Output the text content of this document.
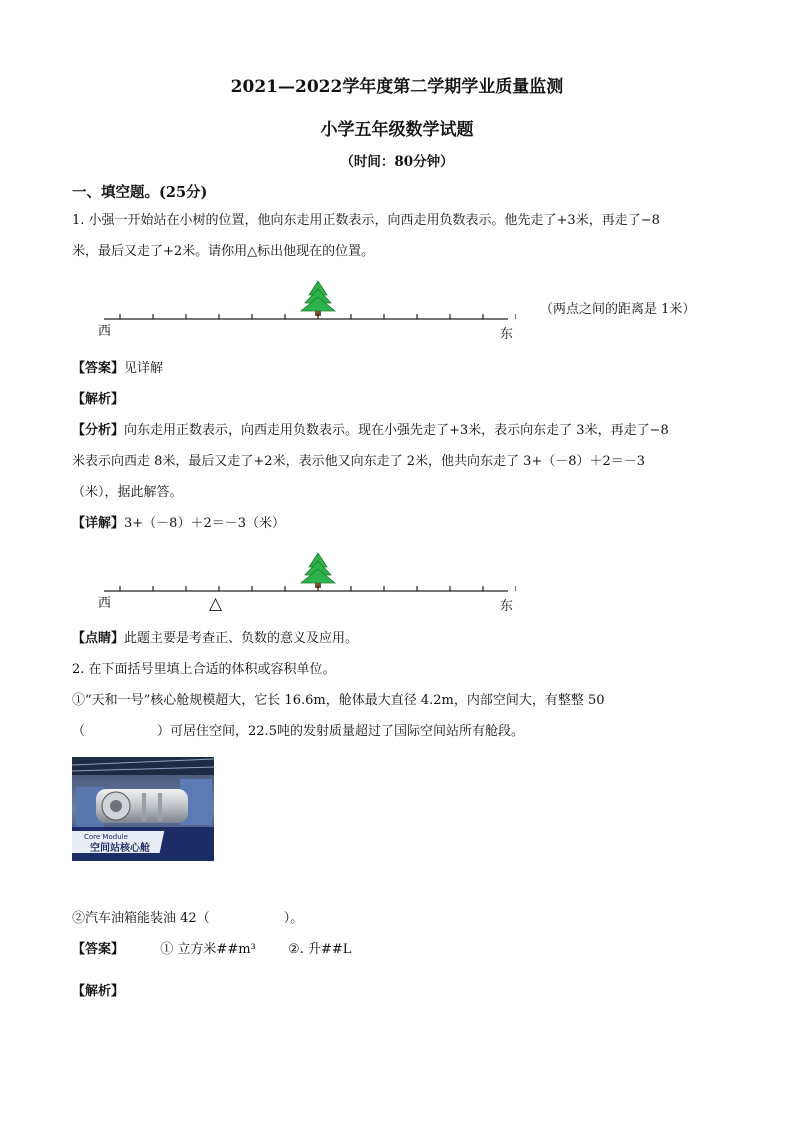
2021—2022学年度第二学期学业质量监测
小学五年级数学试题
（时间：80分钟）
一、填空题。(25分)
1. 小强一开始站在小树的位置，他向东走用正数表示，向西走用负数表示。他先走了+3米，再走了−8
米，最后又走了+2米。请你用△标出他现在的位置。
西	东
（两点之间的距离是 1米）
【答案】见详解
【解析】
【分析】向东走用正数表示，向西走用负数表示。现在小强先走了+3米，表示向东走了 3米，再走了−8
米表示向西走 8米，最后又走了+2米，表示他又向东走了 2米，他共向东走了 3+（－8）＋2＝－3
（米），据此解答。
【详解】3+（－8）＋2＝－3（米）
西	东
△
【点睛】此题主要是考查正、负数的意义及应用。
2. 在下面括号里填上合适的体积或容积单位。
①“天和一号”核心舱规模超大，它长 16.6m，舱体最大直径 4.2m，内部空间大，有整整 50
（	）可居住空间，22.5吨的发射质量超过了国际空间站所有舱段。
Core Module
空间站核心舱
②汽车油箱能装油 42（	）。
【答案】	① 立方米##m³ ②. 升##L
【解析】
